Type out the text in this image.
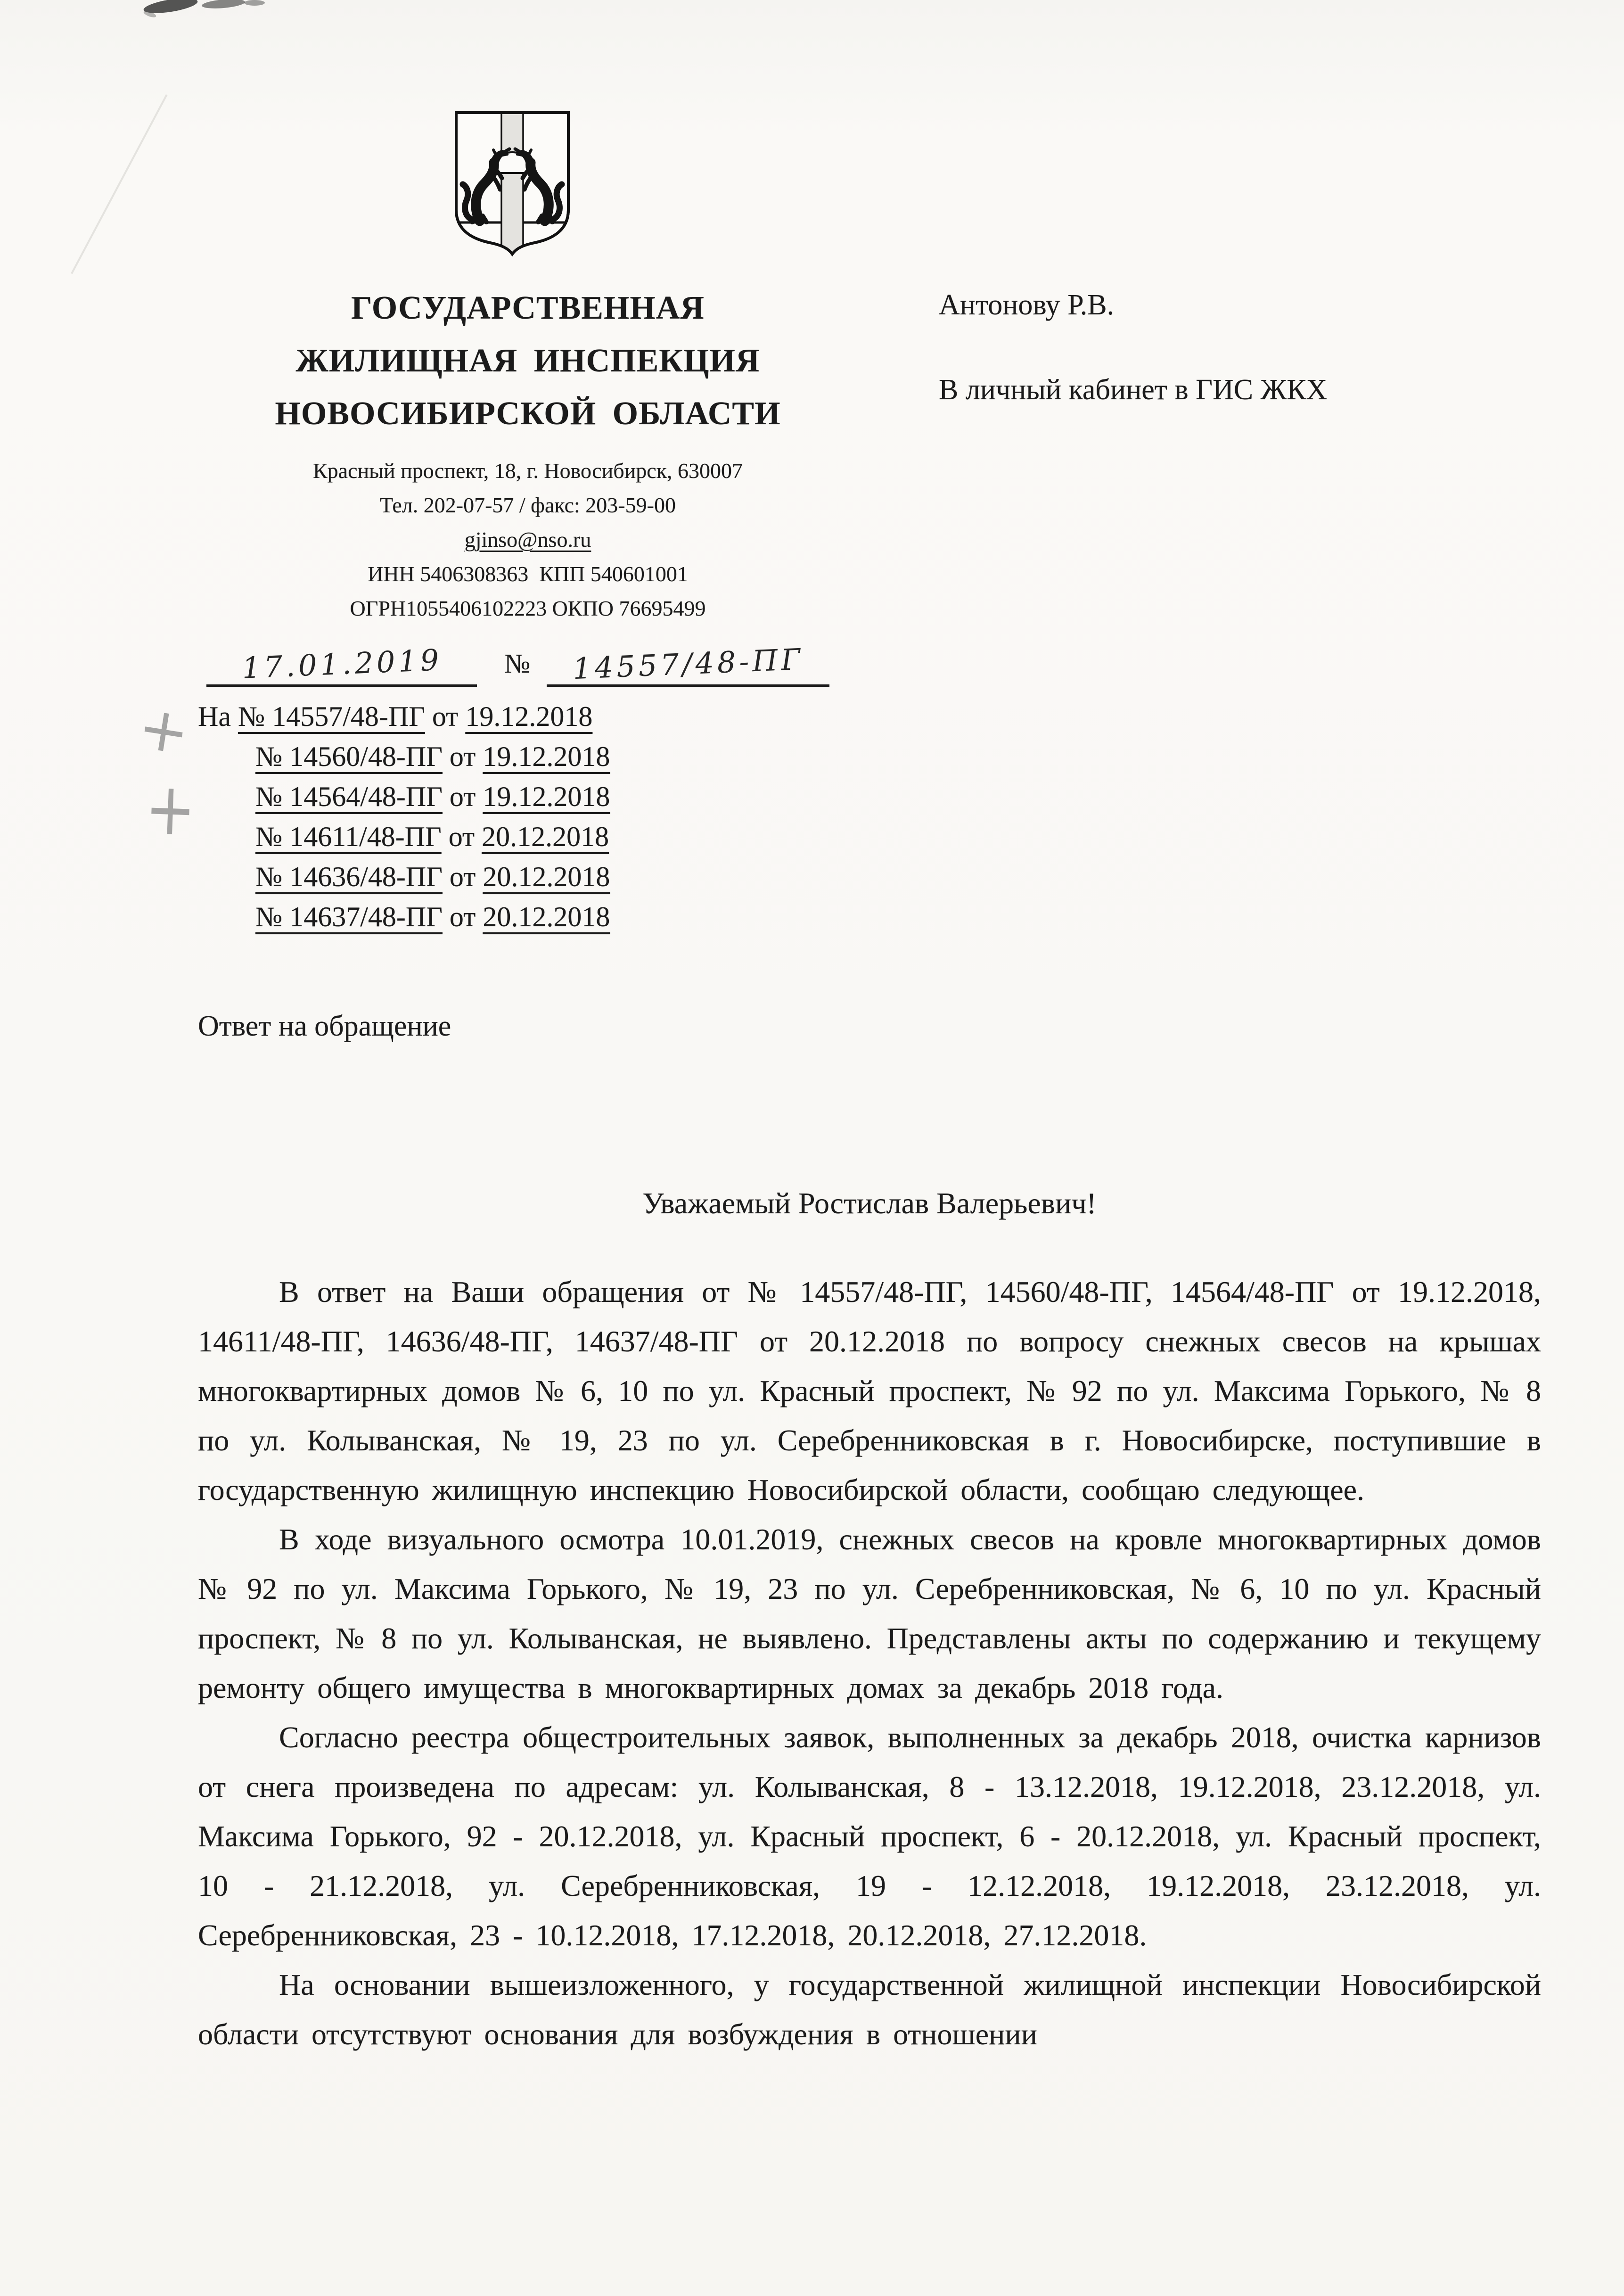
ГОСУДАРСТВЕННАЯ
ЖИЛИЩНАЯ ИНСПЕКЦИЯ
НОВОСИБИРСКОЙ ОБЛАСТИ
Красный проспект, 18, г. Новосибирск, 630007
Тел. 202-07-57 / факс: 203-59-00
gjinso@nso.ru
ИНН 5406308363  КПП 540601001
ОГРН1055406102223 ОКПО 76695499
Антонову Р.В.
В личный кабинет в ГИС ЖКХ
17.01.2019	№	14557/48-ПГ
+
+
На № 14557/48-ПГ от 19.12.2018
№ 14560/48-ПГ от 19.12.2018
№ 14564/48-ПГ от 19.12.2018
№ 14611/48-ПГ от 20.12.2018
№ 14636/48-ПГ от 20.12.2018
№ 14637/48-ПГ от 20.12.2018
Ответ на обращение
Уважаемый Ростислав Валерьевич!

В ответ на Ваши обращения от № 14557/48-ПГ, 14560/48-ПГ, 14564/48-ПГ от 19.12.2018, 14611/48-ПГ, 14636/48-ПГ, 14637/48-ПГ от 20.12.2018 по вопросу снежных свесов на крышах многоквартирных домов № 6, 10 по ул. Красный проспект, № 92 по ул. Максима Горького, № 8 по ул. Колыванская, № 19, 23 по ул. Серебренниковская в г. Новосибирске, поступившие в государственную жилищную инспекцию Новосибирской области, сообщаю следующее.

В ходе визуального осмотра 10.01.2019, снежных свесов на кровле многоквартирных домов № 92 по ул. Максима Горького, № 19, 23 по ул. Серебренниковская, № 6, 10 по ул. Красный проспект, № 8 по ул. Колыванская, не выявлено. Представлены акты по содержанию и текущему ремонту общего имущества в многоквартирных домах за декабрь 2018 года.

Согласно реестра общестроительных заявок, выполненных за декабрь 2018, очистка карнизов от снега произведена по адресам: ул. Колыванская, 8 - 13.12.2018, 19.12.2018, 23.12.2018, ул. Максима Горького, 92 - 20.12.2018, ул. Красный проспект, 6 - 20.12.2018, ул. Красный проспект, 10 - 21.12.2018, ул. Серебренниковская, 19 - 12.12.2018, 19.12.2018, 23.12.2018, ул. Серебренниковская, 23 - 10.12.2018, 17.12.2018, 20.12.2018, 27.12.2018.

На основании вышеизложенного, у государственной жилищной инспекции Новосибирской области отсутствуют основания для возбуждения в отношении
